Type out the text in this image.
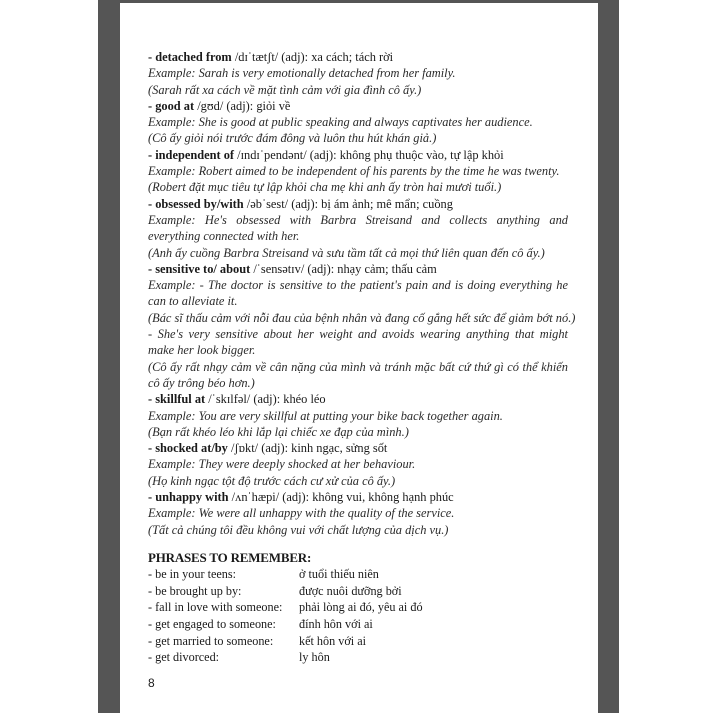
- detached from /dɪˈtætʃt/ (adj): xa cách; tách rời
Example: Sarah is very emotionally detached from her family.
(Sarah rất xa cách về mặt tình cảm với gia đình cô ấy.)
- good at /gʊd/ (adj): giỏi về
Example: She is good at public speaking and always captivates her audience.
(Cô ấy giỏi nói trước đám đông và luôn thu hút khán giả.)
- independent of /ɪndɪˈpendənt/ (adj): không phụ thuộc vào, tự lập khỏi
Example: Robert aimed to be independent of his parents by the time he was twenty.
(Robert đặt mục tiêu tự lập khỏi cha mẹ khi anh ấy tròn hai mươi tuổi.)
- obsessed by/with /əbˈsest/ (adj): bị ám ảnh; mê mẩn; cuồng
Example: He's obsessed with Barbra Streisand and collects anything and
everything connected with her.
(Anh ấy cuồng Barbra Streisand và sưu tầm tất cả mọi thứ liên quan đến cô ấy.)
- sensitive to/ about /ˈsensətɪv/ (adj): nhạy cảm; thấu cảm
Example: - The doctor is sensitive to the patient's pain and is doing everything he
can to alleviate it.
(Bác sĩ thấu cảm với nỗi đau của bệnh nhân và đang cố gắng hết sức để giảm bớt nó.)
- She's very sensitive about her weight and avoids wearing anything that might
make her look bigger.
(Cô ấy rất nhạy cảm về cân nặng của mình và tránh mặc bất cứ thứ gì có thể khiến
cô ấy trông béo hơn.)
- skillful at /ˈskɪlfəl/ (adj): khéo léo
Example: You are very skillful at putting your bike back together again.
(Bạn rất khéo léo khi lắp lại chiếc xe đạp của mình.)
- shocked at/by /ʃɒkt/ (adj): kinh ngạc, sửng sốt
Example: They were deeply shocked at her behaviour.
(Họ kinh ngạc tột độ trước cách cư xử của cô ấy.)
- unhappy with /ʌnˈhæpi/ (adj): không vui, không hạnh phúc
Example: We were all unhappy with the quality of the service.
(Tất cả chúng tôi đều không vui với chất lượng của dịch vụ.)
PHRASES TO REMEMBER:
- be in your teens:	ở tuổi thiếu niên
- be brought up by:	được nuôi dưỡng bởi
- fall in love with someone:	phải lòng ai đó, yêu ai đó
- get engaged to someone:	đính hôn với ai
- get married to someone:	kết hôn với ai
- get divorced:	ly hôn
8
